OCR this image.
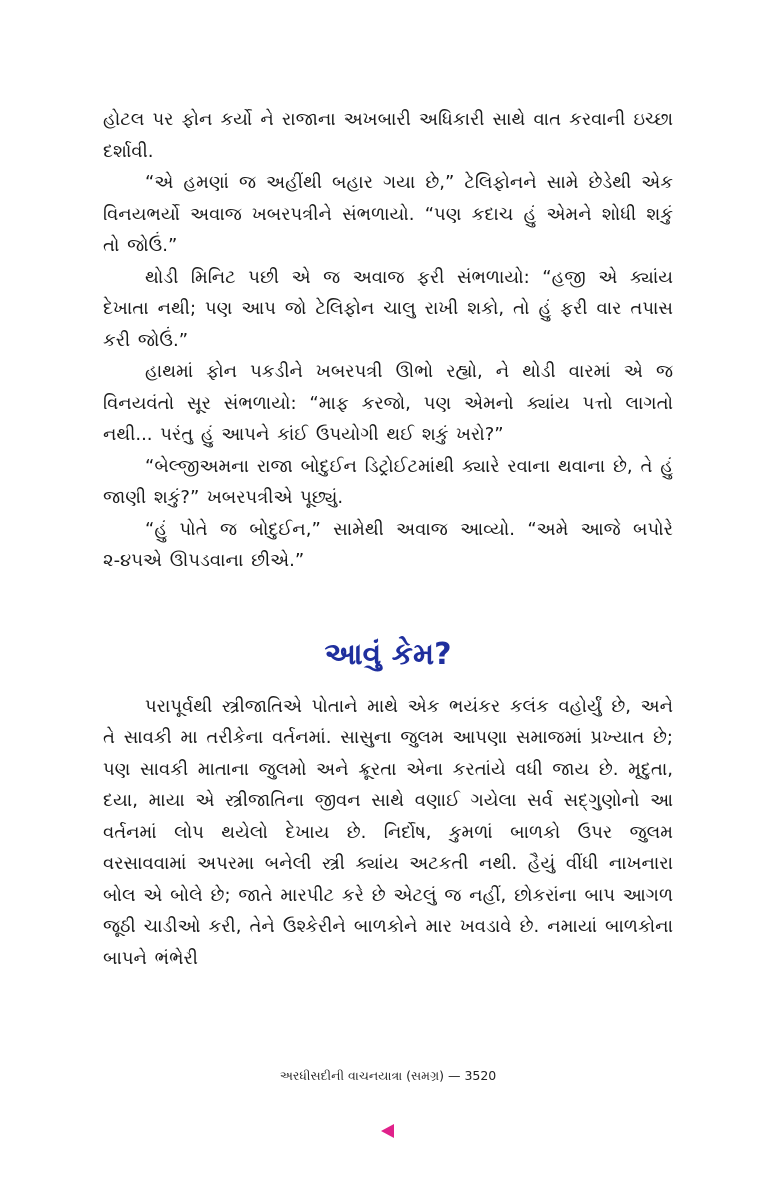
હોટલ પર ફોન કર્યો ને રાજાના અખબારી અધિકારી સાથે વાત કરવાની ઇચ્છા દર્શાવી.

“એ હમણાં જ અહીંથી બહાર ગયા છે,” ટેલિફોનને સામે છેડેથી એક વિનયભર્યો અવાજ ખબરપત્રીને સંભળાયો. “પણ કદાચ હું એમને શોધી શકું તો જોઉં.”

થોડી મિનિટ પછી એ જ અવાજ ફરી સંભળાયો: “હજી એ ક્યાંય દેખાતા નથી; પણ આપ જો ટેલિફોન ચાલુ રાખી શકો, તો હું ફરી વાર તપાસ કરી જોઉં.”

હાથમાં ફોન પકડીને ખબરપત્રી ઊભો રહ્યો, ને થોડી વારમાં એ જ વિનયવંતો સૂર સંભળાયો: “માફ કરજો, પણ એમનો ક્યાંય પત્તો લાગતો નથી... પરંતુ હું આપને કાંઈ ઉપયોગી થઈ શકું ખરો?”

“બેલ્જીઅમના રાજા બોદુઈન ડિટ્રોઈટમાંથી ક્યારે રવાના થવાના છે, તે હું જાણી શકું?” ખબરપત્રીએ પૂછ્યું.

“હું પોતે જ બોદુઈન,” સામેથી અવાજ આવ્યો. “અમે આજે બપોરે ૨-૪૫એ ઊપડવાના છીએ.”

આવું કેમ?

પરાપૂર્વથી સ્ત્રીજાતિએ પોતાને માથે એક ભયંકર કલંક વહોર્યું છે, અને તે સાવકી મા તરીકેના વર્તનમાં. સાસુના જુલમ આપણા સમાજમાં પ્રખ્યાત છે; પણ સાવકી માતાના જુલમો અને ક્રૂરતા એના કરતાંયે વધી જાય છે. મૃદુતા, દયા, માયા એ સ્ત્રીજાતિના જીવન સાથે વણાઈ ગયેલા સર્વ સદ્ગુણોનો આ વર્તનમાં લોપ થયેલો દેખાય છે. નિર્દોષ, કુમળાં બાળકો ઉપર જુલમ વરસાવવામાં અપરમા બનેલી સ્ત્રી ક્યાંય અટકતી નથી. હૈયું વીંધી નાખનારા બોલ એ બોલે છે; જાતે મારપીટ કરે છે એટલું જ નહીં, છોકરાંના બાપ આગળ જૂઠી ચાડીઓ કરી, તેને ઉશ્કેરીને બાળકોને માર ખવડાવે છે. નમાયાં બાળકોના બાપને ભંભેરી

અરધીસદીની વાચનયાત્રા (સમગ્ર) — 3520
